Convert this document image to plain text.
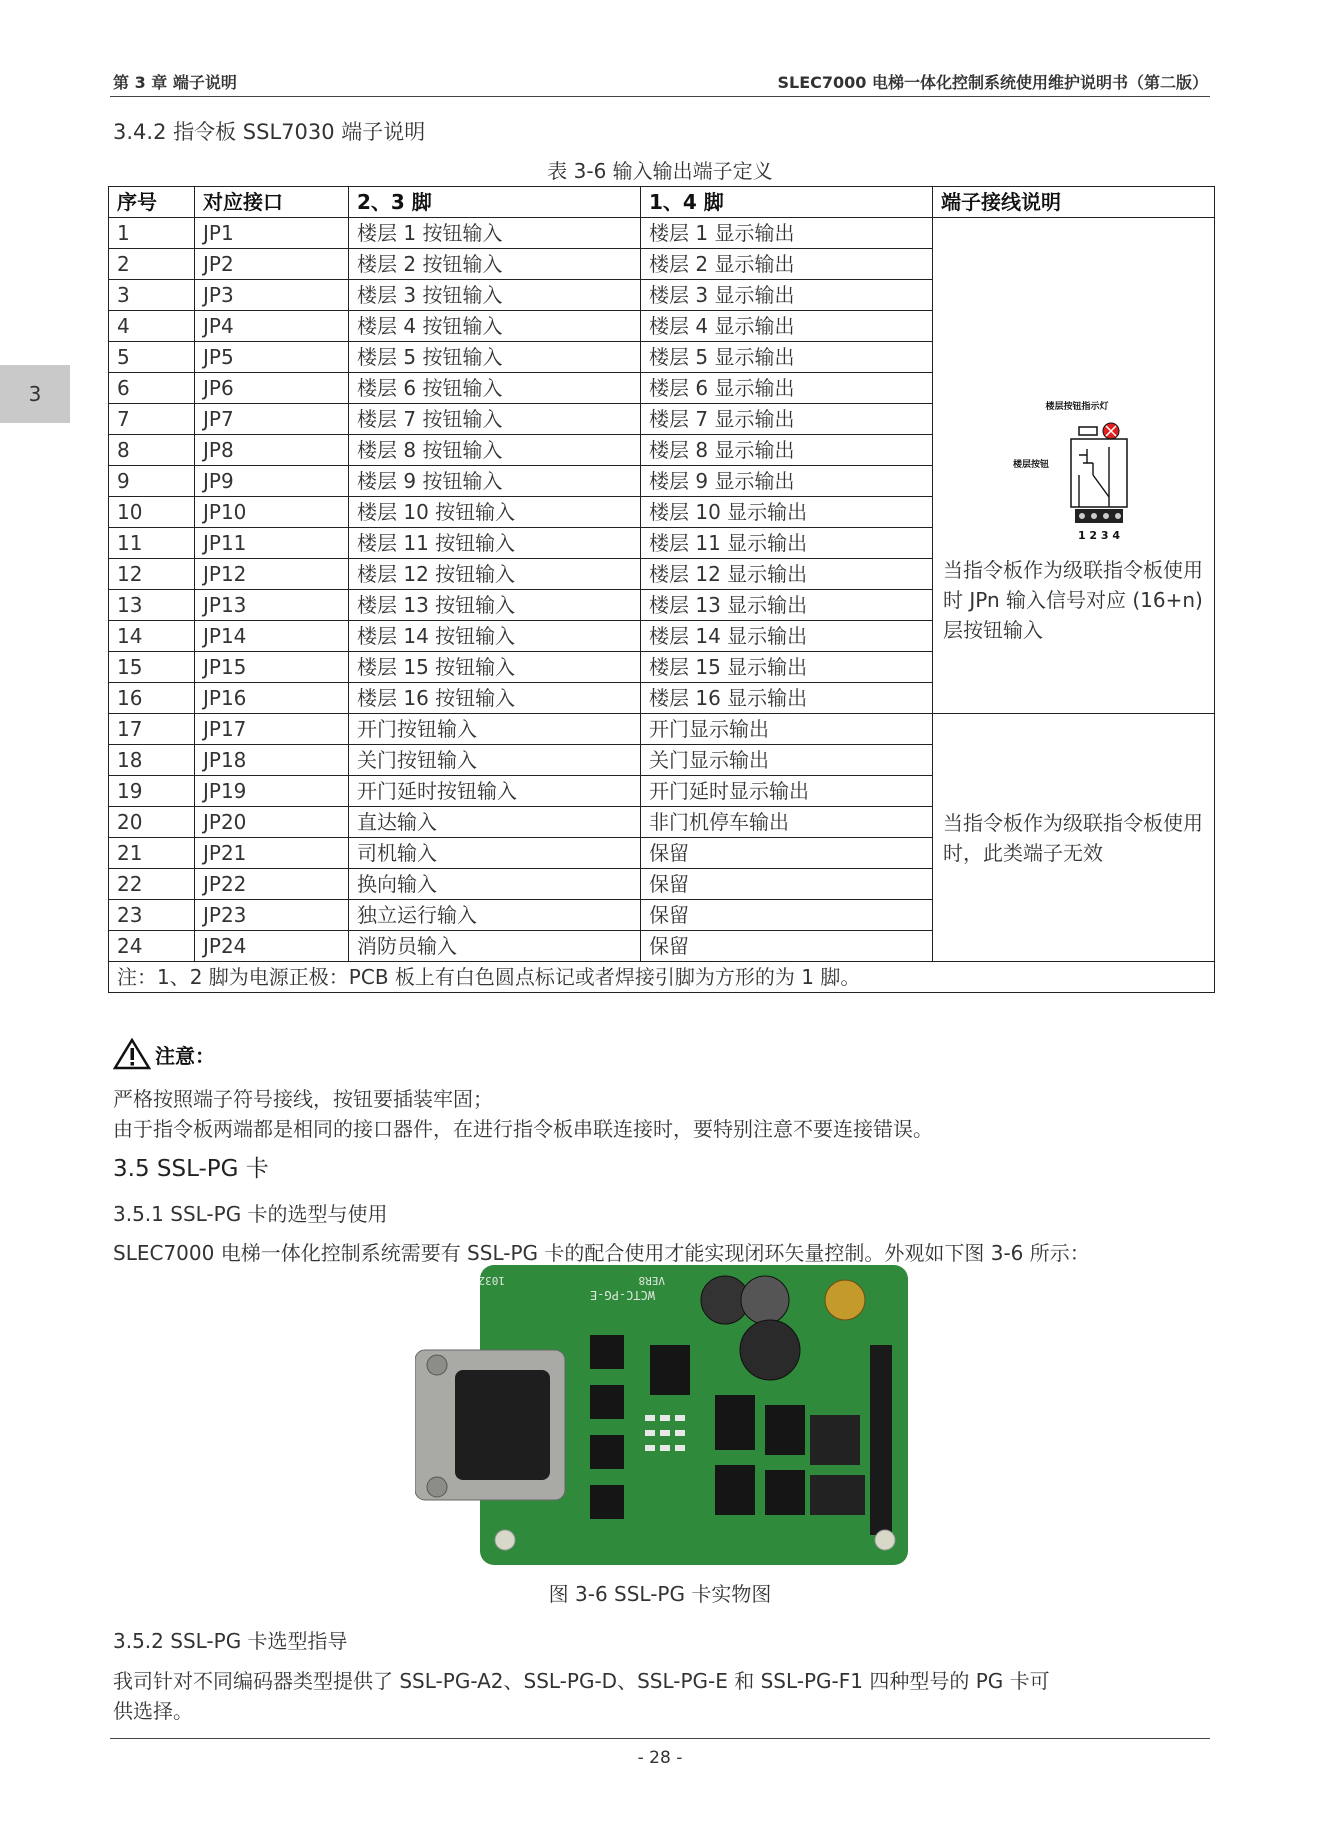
第 3 章 端子说明	SLEC7000 电梯一体化控制系统使用维护说明书（第二版）
3
3.4.2 指令板 SSL7030 端子说明
表 3-6 输入输出端子定义
序号	对应接口	2、3 脚	1、4 脚	端子接线说明
1	JP1	楼层 1 按钮输入	楼层 1 显示输出	楼层按钮指示灯
楼层按钮
1 2 3 4
当指令板作为级联指令板使用时 JPn 输入信号对应 (16+n) 层按钮输入
2	JP2	楼层 2 按钮输入	楼层 2 显示输出	
3	JP3	楼层 3 按钮输入	楼层 3 显示输出	
4	JP4	楼层 4 按钮输入	楼层 4 显示输出	
5	JP5	楼层 5 按钮输入	楼层 5 显示输出	
6	JP6	楼层 6 按钮输入	楼层 6 显示输出	
7	JP7	楼层 7 按钮输入	楼层 7 显示输出	
8	JP8	楼层 8 按钮输入	楼层 8 显示输出	
9	JP9	楼层 9 按钮输入	楼层 9 显示输出	
10	JP10	楼层 10 按钮输入	楼层 10 显示输出	
11	JP11	楼层 11 按钮输入	楼层 11 显示输出	
12	JP12	楼层 12 按钮输入	楼层 12 显示输出	
13	JP13	楼层 13 按钮输入	楼层 13 显示输出	
14	JP14	楼层 14 按钮输入	楼层 14 显示输出	
15	JP15	楼层 15 按钮输入	楼层 15 显示输出	
16	JP16	楼层 16 按钮输入	楼层 16 显示输出	
17	JP17	开门按钮输入	开门显示输出	当指令板作为级联指令板使用时，此类端子无效
18	JP18	关门按钮输入	关门显示输出	
19	JP19	开门延时按钮输入	开门延时显示输出	
20	JP20	直达输入	非门机停车输出	
21	JP21	司机输入	保留	
22	JP22	换向输入	保留	
23	JP23	独立运行输入	保留	
24	JP24	消防员输入	保留	
注：1、2 脚为电源正极：PCB 板上有白色圆点标记或者焊接引脚为方形的为 1 脚。				
注意：
严格按照端子符号接线，按钮要插装牢固；
由于指令板两端都是相同的接口器件，在进行指令板串联连接时，要特别注意不要连接错误。
3.5 SSL-PG 卡
3.5.1 SSL-PG 卡的选型与使用
SLEC7000 电梯一体化控制系统需要有 SSL-PG 卡的配合使用才能实现闭环矢量控制。外观如下图 3-6 所示：
WCTC-PG-E
VER8
1032
图 3-6 SSL-PG 卡实物图
3.5.2 SSL-PG 卡选型指导
我司针对不同编码器类型提供了 SSL-PG-A2、SSL-PG-D、SSL-PG-E 和 SSL-PG-F1 四种型号的 PG 卡可
供选择。
- 28 -
